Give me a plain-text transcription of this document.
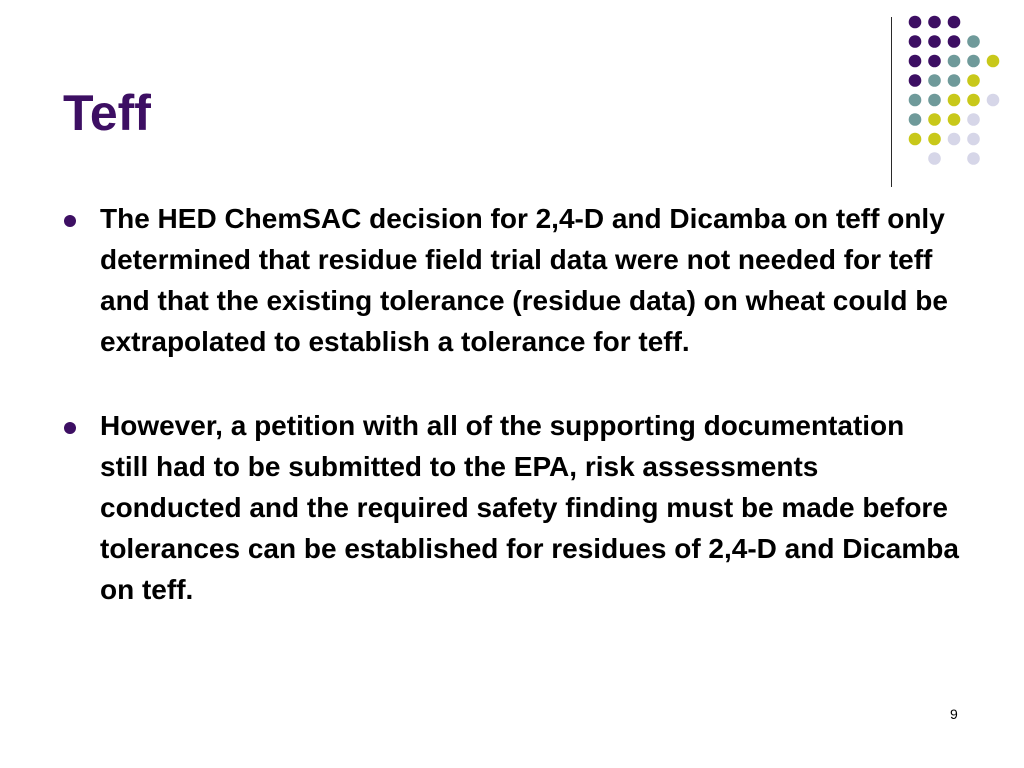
Teff
The HED ChemSAC decision for 2,4-D and Dicamba on teff only determined that residue field trial data were not needed for teff and that the existing tolerance (residue data) on wheat could be extrapolated to establish a tolerance for teff.
However, a petition with all of the supporting documentation still had to be submitted to the EPA, risk assessments conducted and the required safety finding must be made before tolerances can be established for residues of 2,4-D and Dicamba on teff.
9
